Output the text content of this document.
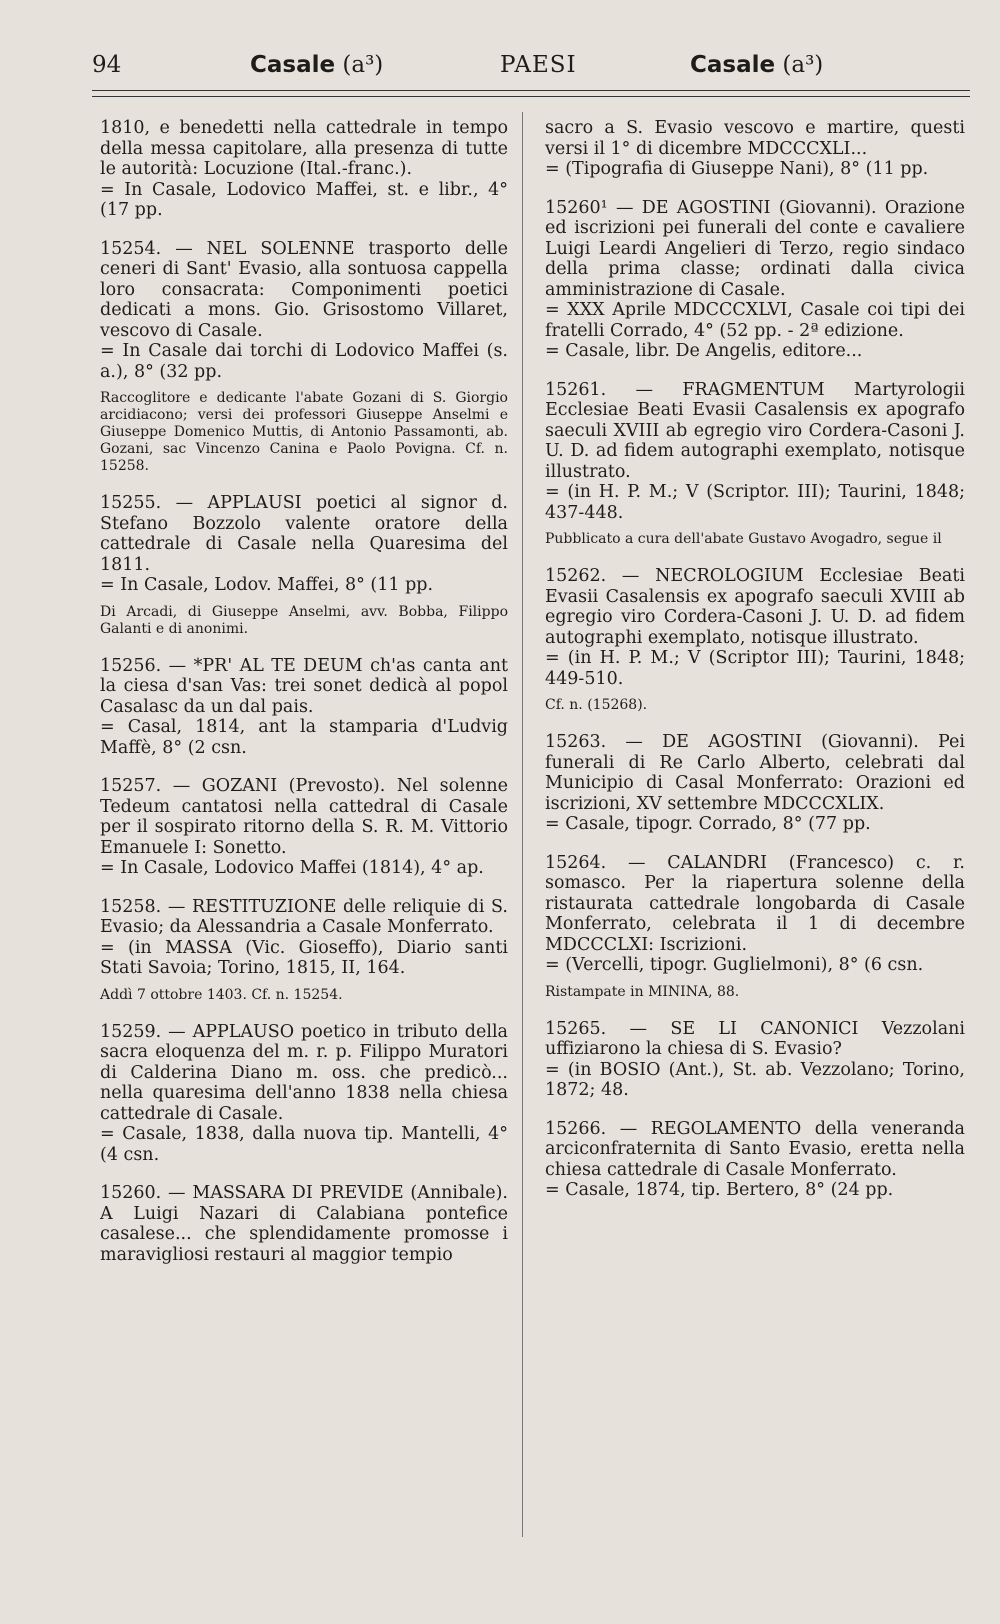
94	Casale (a³)	PAESI	Casale (a³)

1810, e benedetti nella cattedrale in tempo della messa capitolare, alla presenza di tutte le autorità: Locuzione (Ital.-franc.).

= In Casale, Lodovico Maffei, st. e libr., 4° (17 pp.

15254. — NEL SOLENNE trasporto delle ceneri di Sant' Evasio, alla sontuosa cappella loro consacrata: Componimenti poetici dedicati a mons. Gio. Grisostomo Villaret, vescovo di Casale.

= In Casale dai torchi di Lodovico Maffei (s. a.), 8° (32 pp.

Raccoglitore e dedicante l'abate Gozani di S. Giorgio arcidiacono; versi dei professori Giuseppe Anselmi e Giuseppe Domenico Muttis, di Antonio Passamonti, ab. Gozani, sac Vincenzo Canina e Paolo Povigna. Cf. n. 15258.

15255. — APPLAUSI poetici al signor d. Stefano Bozzolo valente oratore della cattedrale di Casale nella Quaresima del 1811.

= In Casale, Lodov. Maffei, 8° (11 pp.

Di Arcadi, di Giuseppe Anselmi, avv. Bobba, Filippo Galanti e di anonimi.

15256. — *PR' AL TE DEUM ch'as canta ant la ciesa d'san Vas: trei sonet dedicà al popol Casalasc da un dal pais.

= Casal, 1814, ant la stamparia d'Ludvig Maffè, 8° (2 csn.

15257. — GOZANI (Prevosto). Nel solenne Tedeum cantatosi nella cattedral di Casale per il sospirato ritorno della S. R. M. Vittorio Emanuele I: Sonetto.

= In Casale, Lodovico Maffei (1814), 4° ap.

15258. — RESTITUZIONE delle reliquie di S. Evasio; da Alessandria a Casale Monferrato.

= (in MASSA (Vic. Gioseffo), Diario santi Stati Savoia; Torino, 1815, II, 164.

Addì 7 ottobre 1403. Cf. n. 15254.

15259. — APPLAUSO poetico in tributo della sacra eloquenza del m. r. p. Filippo Muratori di Calderina Diano m. oss. che predicò... nella quaresima dell'anno 1838 nella chiesa cattedrale di Casale.

= Casale, 1838, dalla nuova tip. Mantelli, 4° (4 csn.

15260. — MASSARA DI PREVIDE (Annibale). A Luigi Nazari di Calabiana pontefice casalese... che splendidamente promosse i maravigliosi restauri al maggior tempio

sacro a S. Evasio vescovo e martire, questi versi il 1° di dicembre MDCCCXLI...

= (Tipografia di Giuseppe Nani), 8° (11 pp.

15260¹ — DE AGOSTINI (Giovanni). Orazione ed iscrizioni pei funerali del conte e cavaliere Luigi Leardi Angelieri di Terzo, regio sindaco della prima classe; ordinati dalla civica amministrazione di Casale.

= XXX Aprile MDCCCXLVI, Casale coi tipi dei fratelli Corrado, 4° (52 pp. - 2ª edizione.

= Casale, libr. De Angelis, editore...

15261. — FRAGMENTUM Martyrologii Ecclesiae Beati Evasii Casalensis ex apografo saeculi XVIII ab egregio viro Cordera-Casoni J. U. D. ad fidem autographi exemplato, notisque illustrato.

= (in H. P. M.; V (Scriptor. III); Taurini, 1848; 437-448.

Pubblicato a cura dell'abate Gustavo Avogadro, segue il

15262. — NECROLOGIUM Ecclesiae Beati Evasii Casalensis ex apografo saeculi XVIII ab egregio viro Cordera-Casoni J. U. D. ad fidem autographi exemplato, notisque illustrato.

= (in H. P. M.; V (Scriptor III); Taurini, 1848; 449-510.

Cf. n. (15268).

15263. — DE AGOSTINI (Giovanni). Pei funerali di Re Carlo Alberto, celebrati dal Municipio di Casal Monferrato: Orazioni ed iscrizioni, XV settembre MDCCCXLIX.

= Casale, tipogr. Corrado, 8° (77 pp.

15264. — CALANDRI (Francesco) c. r. somasco. Per la riapertura solenne della ristaurata cattedrale longobarda di Casale Monferrato, celebrata il 1 di decembre MDCCCLXI: Iscrizioni.

= (Vercelli, tipogr. Guglielmoni), 8° (6 csn.

Ristampate in MININA, 88.

15265. — SE LI CANONICI Vezzolani uffiziarono la chiesa di S. Evasio?

= (in BOSIO (Ant.), St. ab. Vezzolano; Torino, 1872; 48.

15266. — REGOLAMENTO della veneranda arciconfraternita di Santo Evasio, eretta nella chiesa cattedrale di Casale Monferrato.

= Casale, 1874, tip. Bertero, 8° (24 pp.
